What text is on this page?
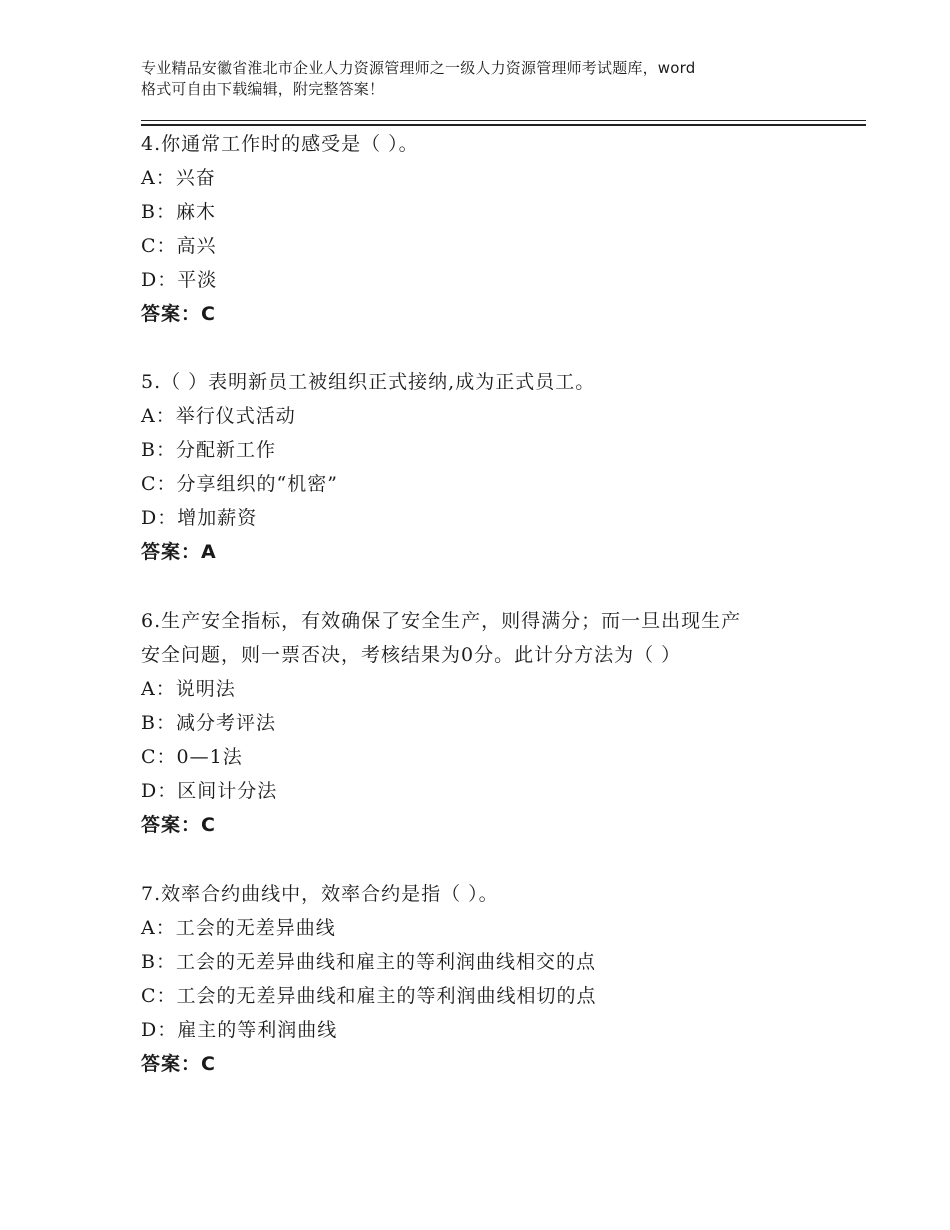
专业精品安徽省淮北市企业人力资源管理师之一级人力资源管理师考试题库，word
格式可自由下载编辑，附完整答案！
4.你通常工作时的感受是（ ）。
A：兴奋
B：麻木
C：高兴
D：平淡
答案：C
5.（ ）表明新员工被组织正式接纳,成为正式员工。
A：举行仪式活动
B：分配新工作
C：分享组织的“机密”
D：增加薪资
答案：A
6.生产安全指标，有效确保了安全生产，则得满分；而一旦出现生产
安全问题，则一票否决，考核结果为0分。此计分方法为（ ）
A：说明法
B：减分考评法
C：0—1法
D：区间计分法
答案：C
7.效率合约曲线中，效率合约是指（ ）。
A：工会的无差异曲线
B：工会的无差异曲线和雇主的等利润曲线相交的点
C：工会的无差异曲线和雇主的等利润曲线相切的点
D：雇主的等利润曲线
答案：C
